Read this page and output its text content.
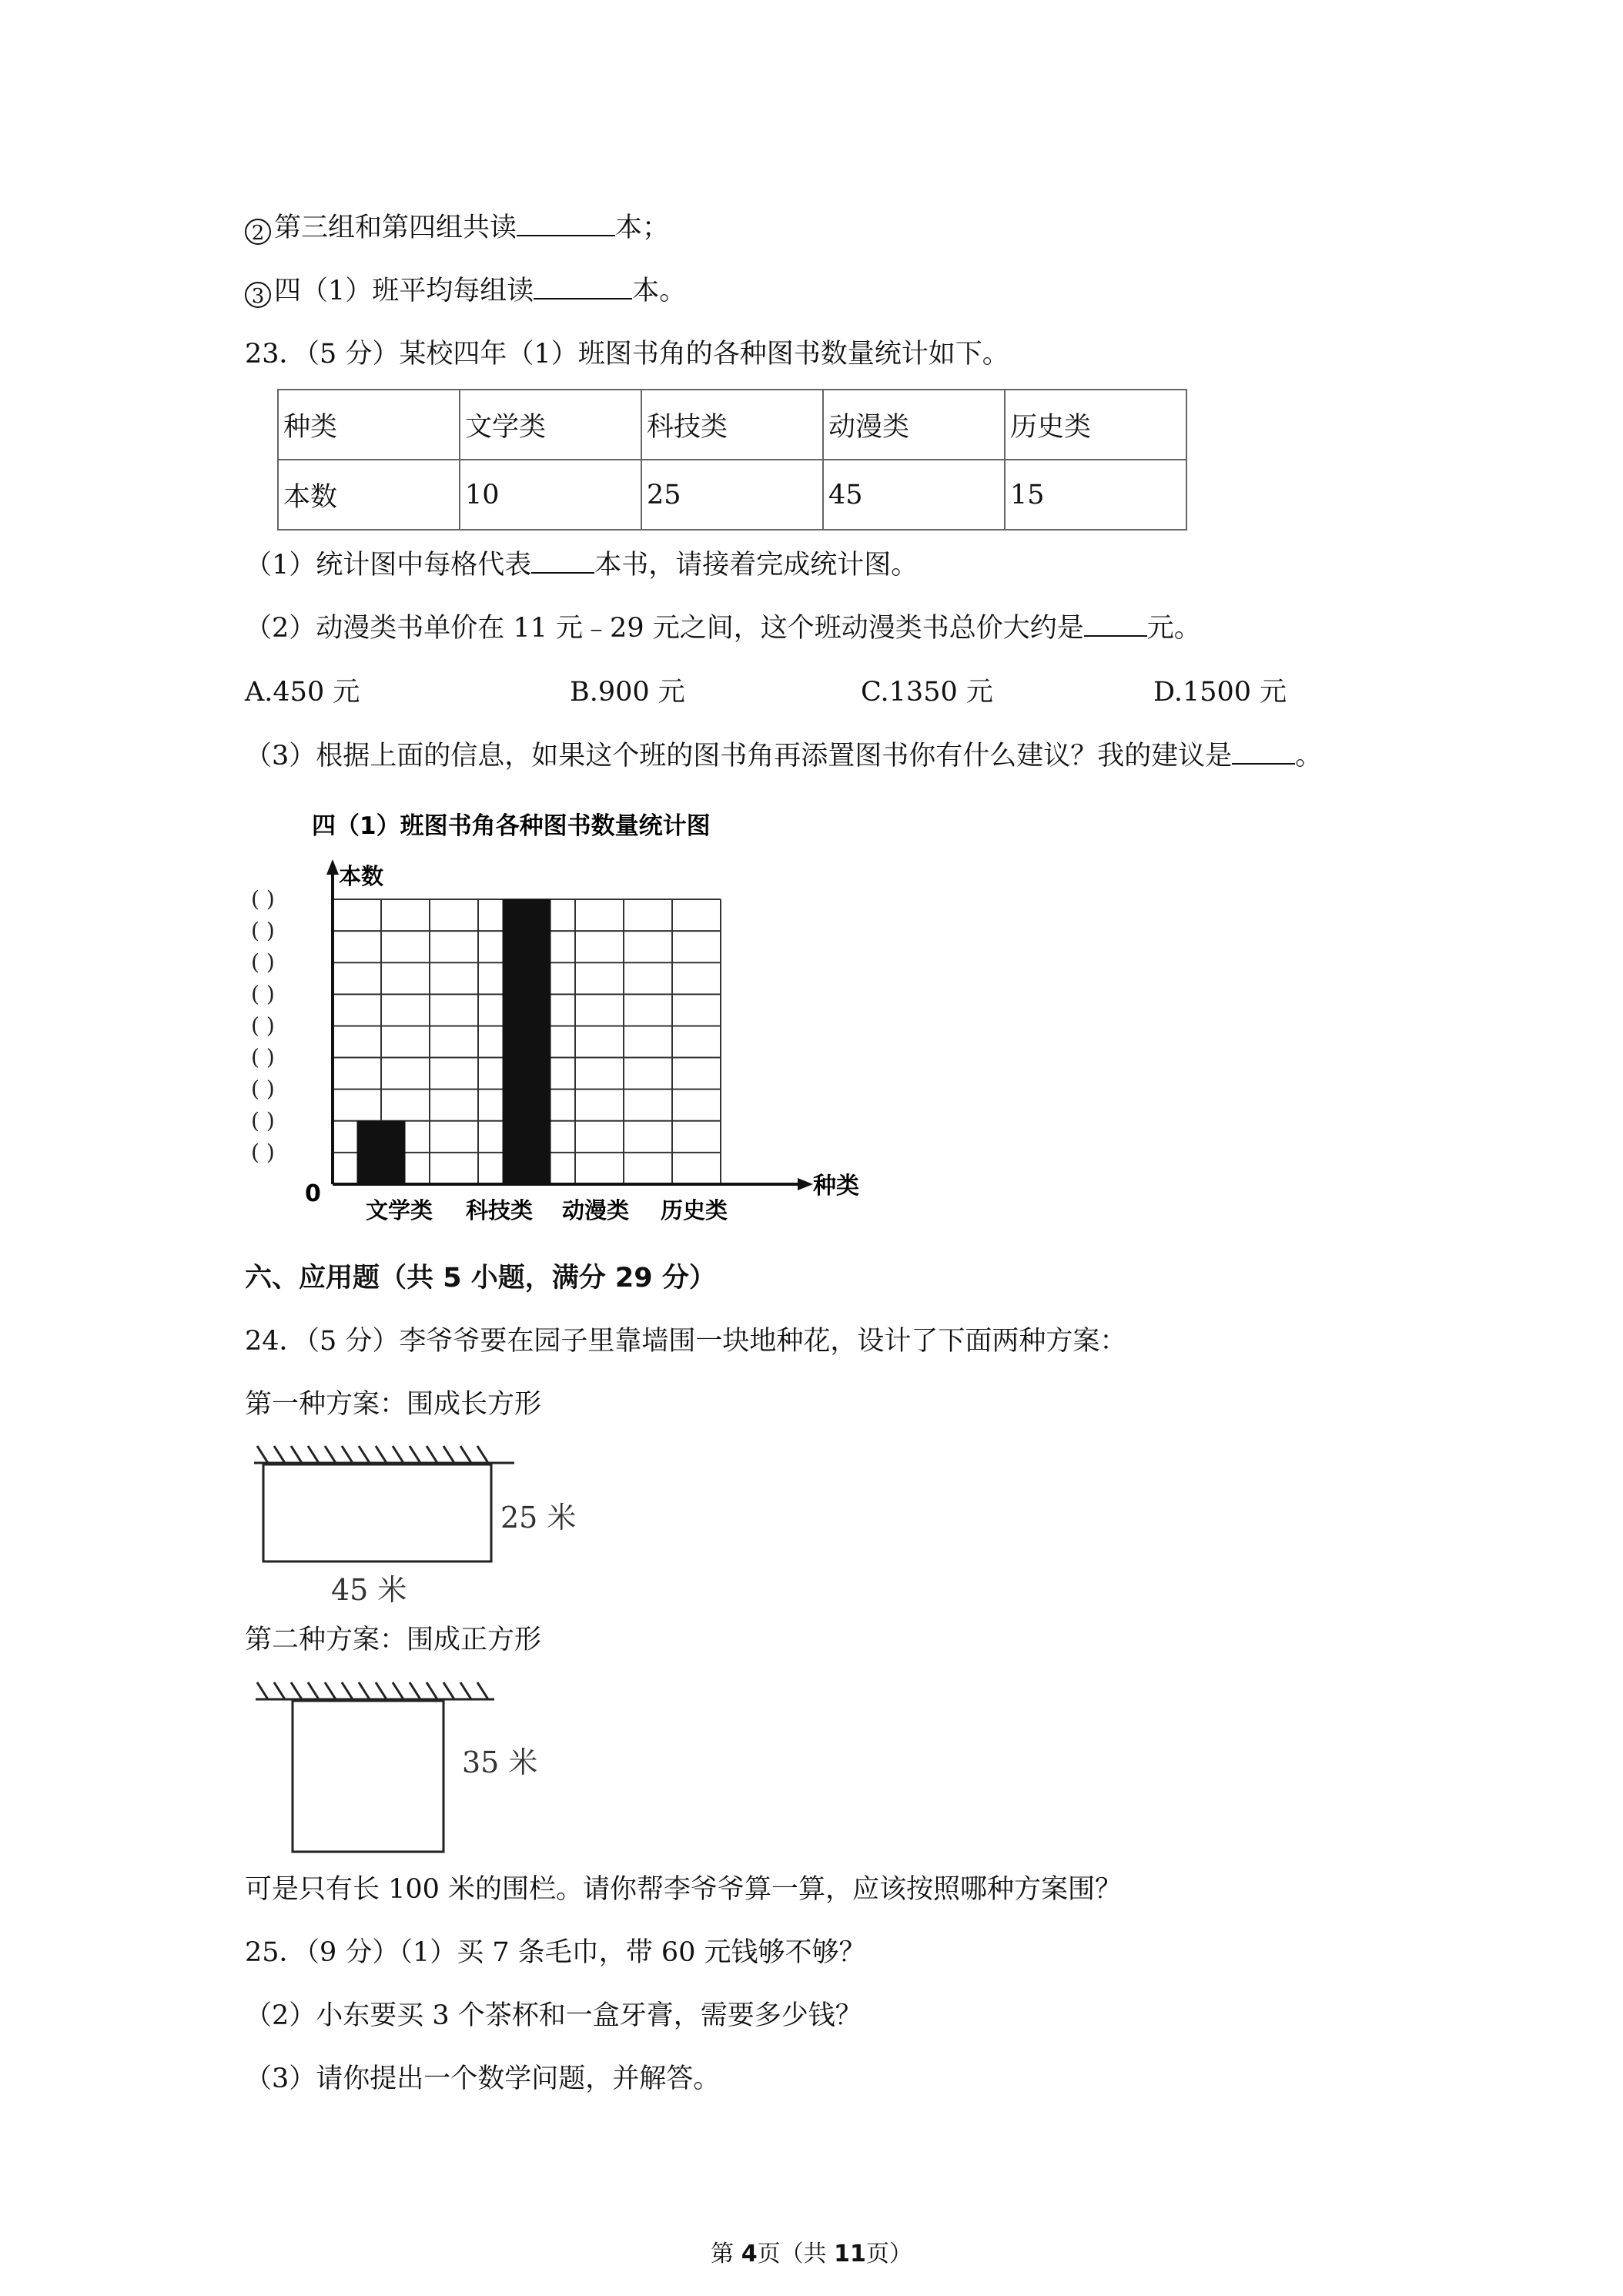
2 第三组和第四组共读	本；
3 四（1）班平均每组读	本。
23．（5 分）某校四年（1）班图书角的各种图书数量统计如下。
种类	文学类	科技类	动漫类	历史类
本数	10	25	45	15
（1）统计图中每格代表 本书，请接着完成统计图。
（2）动漫类书单价在 11 元﹣29 元之间，这个班动漫类书总价大约是 元。
A.450 元	B.900 元	C.1350 元	D.1500 元
（3）根据上面的信息，如果这个班的图书角再添置图书你有什么建议？我的建议是 。
四（1）班图书角各种图书数量统计图
( )
( )
( )
( )
( )
( )
( )
( )
( )
文学类 科技类 动漫类 历史类
本数
种类
0
六、应用题（共 5 小题，满分 29 分）
24．（5 分）李爷爷要在园子里靠墙围一块地种花，设计了下面两种方案：
第一种方案：围成长方形
25 米
45 米
第二种方案：围成正方形
35 米
可是只有长 100 米的围栏。请你帮李爷爷算一算，应该按照哪种方案围？
25．（9 分）（1）买 7 条毛巾，带 60 元钱够不够？
（2）小东要买 3 个茶杯和一盒牙膏，需要多少钱？
（3）请你提出一个数学问题，并解答。
第 4页（共 11页）
